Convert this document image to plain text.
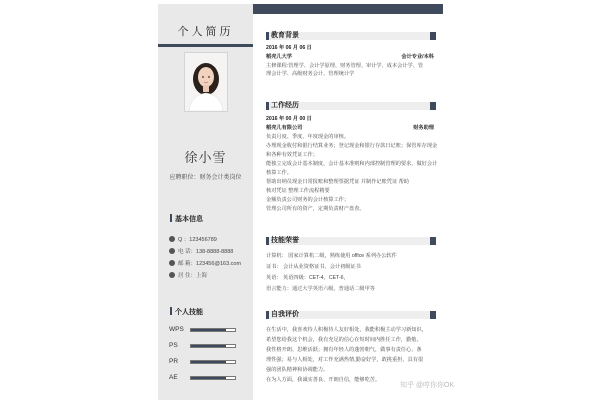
个人简历
徐小雪
应聘职位：财务会计类岗位
基本信息
Q ：123456789
电 话：138-8888-8888
邮 箱：123456@163.com
居 住：上海
个人技能
WPS
PS
PR
AE
教育背景
2016 年 06 月 06 日
稻壳儿大学	会计专业/本科
主修课程:管理学、会计学原理、财务管理、审计学、成本会计学、管
理会计学、高级财务会计、管理统计学
工作经历
2016 年 00 月 00 日
稻壳儿有限公司	财务助理
负责月度、季度、年度现金的审核。
办理现金收付和银行结算业务；登记现金和银行存款日记账；保管库存现金
和各种有效凭证工作；
能独立完成会计基本制度，会计基本准则和内部控制管理的要求，做好会计
核算工作。
帮助出纳员现金日常报账和整理票据凭证 并制作记账凭证 帮助
核对凭证 整理工作流程精要
金额负责公司财务的会计核算工作；
管理公司所有的资产，定期负责财产盘查。
技能荣誉
计算机： 国家计算机二级，熟练使用 office 系列办公软件
证书： 会计从业资格证书，会计初级证书
英语： 英语四级：CET-4，CET-6，
语言能力：通过大学英语六级，普通话二级甲等
自我评价
在生活中，我喜欢待人积极待人友好相处，我能积极主动学习新知识，
希望您给我这个机会，我有充足的信心在短时间内胜任工作，勤勉，
我性格开朗、思维活跃；拥有年轻人的蓬勃朝气，做事有责任心、条
理性强；易与人相处，对工作充满热情,勤奋好学，敢挑重担，具有很
强的团队精神和协调能力。
在为人方面，我诚实善良、开朗自信，能够吃苦。
知乎 @哼你你OK
